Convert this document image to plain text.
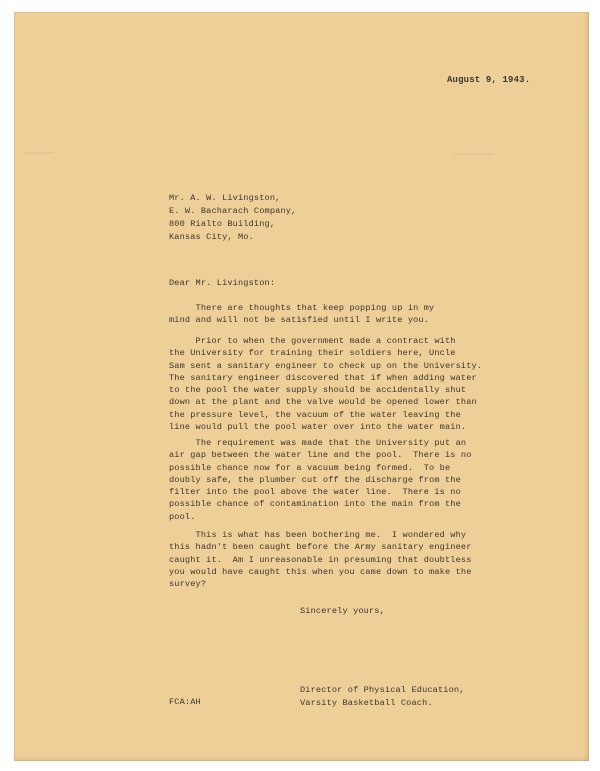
August 9, 1943.
Mr. A. W. Livingston,
E. W. Bacharach Company,
800 Rialto Building,
Kansas City, Mo.
Dear Mr. Livingston:
There are thoughts that keep popping up in my
mind and will not be satisfied until I write you.
Prior to when the government made a contract with
the University for training their soldiers here, Uncle
Sam sent a sanitary engineer to check up on the University.
The sanitary engineer discovered that if when adding water
to the pool the water supply should be accidentally shut
down at the plant and the valve would be opened lower than
the pressure level, the vacuum of the water leaving the
line would pull the pool water over into the water main.
The requirement was made that the University put an
air gap between the water line and the pool.  There is no
possible chance now for a vacuum being formed.  To be
doubly safe, the plumber cut off the discharge from the
filter into the pool above the water line.  There is no
possible chance of contamination into the main from the
pool.
This is what has been bothering me.  I wondered why
this hadn't been caught before the Army sanitary engineer
caught it.  Am I unreasonable in presuming that doubtless
you would have caught this when you came down to make the
survey?
Sincerely yours,
FCA:AH
Director of Physical Education,
Varsity Basketball Coach.
